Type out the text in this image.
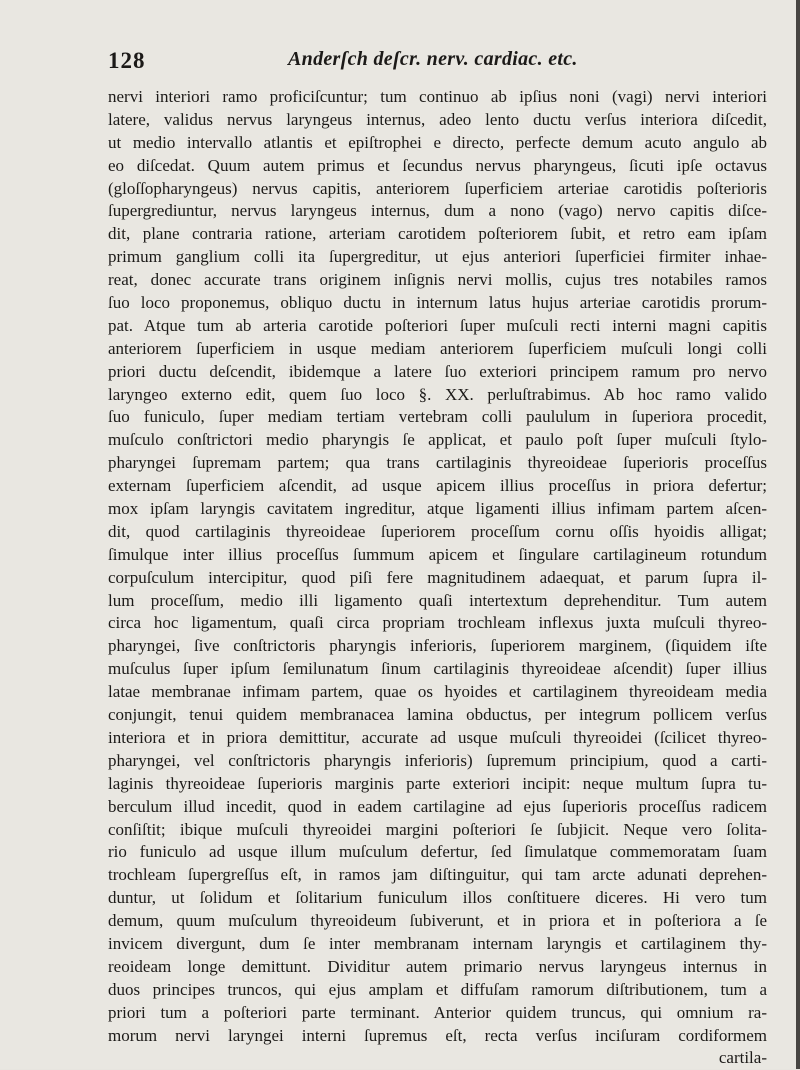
128	Anderſch deſcr. nerv. cardiac. etc.
nervi interiori ramo proficiſcuntur; tum continuo ab ipſius noni (vagi) nervi interiori
latere, validus nervus laryngeus internus, adeo lento ductu verſus interiora diſcedit,
ut medio intervallo atlantis et epiſtrophei e directo, perfecte demum acuto angulo ab
eo diſcedat. Quum autem primus et ſecundus nervus pharyngeus, ſicuti ipſe octavus
(gloſſopharyngeus) nervus capitis, anteriorem ſuperficiem arteriae carotidis poſterioris
ſupergrediuntur, nervus laryngeus internus, dum a nono (vago) nervo capitis diſce-
dit, plane contraria ratione, arteriam carotidem poſteriorem ſubit, et retro eam ipſam
primum ganglium colli ita ſupergreditur, ut ejus anteriori ſuperficiei firmiter inhae-
reat, donec accurate trans originem inſignis nervi mollis, cujus tres notabiles ramos
ſuo loco proponemus, obliquo ductu in internum latus hujus arteriae carotidis prorum-
pat. Atque tum ab arteria carotide poſteriori ſuper muſculi recti interni magni capitis
anteriorem ſuperficiem in usque mediam anteriorem ſuperficiem muſculi longi colli
priori ductu deſcendit, ibidemque a latere ſuo exteriori principem ramum pro nervo
laryngeo externo edit, quem ſuo loco §. XX. perluſtrabimus. Ab hoc ramo valido
ſuo funiculo, ſuper mediam tertiam vertebram colli paululum in ſuperiora procedit,
muſculo conſtrictori medio pharyngis ſe applicat, et paulo poſt ſuper muſculi ſtylo-
pharyngei ſupremam partem; qua trans cartilaginis thyreoideae ſuperioris proceſſus
externam ſuperficiem aſcendit, ad usque apicem illius proceſſus in priora defertur;
mox ipſam laryngis cavitatem ingreditur, atque ligamenti illius infimam partem aſcen-
dit, quod cartilaginis thyreoideae ſuperiorem proceſſum cornu oſſis hyoidis alligat;
ſimulque inter illius proceſſus ſummum apicem et ſingulare cartilagineum rotundum
corpuſculum intercipitur, quod piſi fere magnitudinem adaequat, et parum ſupra il-
lum proceſſum, medio illi ligamento quaſi intertextum deprehenditur. Tum autem
circa hoc ligamentum, quaſi circa propriam trochleam inflexus juxta muſculi thyreo-
pharyngei, ſive conſtrictoris pharyngis inferioris, ſuperiorem marginem, (ſiquidem iſte
muſculus ſuper ipſum ſemilunatum ſinum cartilaginis thyreoideae aſcendit) ſuper illius
latae membranae infimam partem, quae os hyoides et cartilaginem thyreoideam media
conjungit, tenui quidem membranacea lamina obductus, per integrum pollicem verſus
interiora et in priora demittitur, accurate ad usque muſculi thyreoidei (ſcilicet thyreo-
pharyngei, vel conſtrictoris pharyngis inferioris) ſupremum principium, quod a carti-
laginis thyreoideae ſuperioris marginis parte exteriori incipit: neque multum ſupra tu-
berculum illud incedit, quod in eadem cartilagine ad ejus ſuperioris proceſſus radicem
conſiſtit; ibique muſculi thyreoidei margini poſteriori ſe ſubjicit. Neque vero ſolita-
rio funiculo ad usque illum muſculum defertur, ſed ſimulatque commemoratam ſuam
trochleam ſupergreſſus eſt, in ramos jam diſtinguitur, qui tam arcte adunati deprehen-
duntur, ut ſolidum et ſolitarium funiculum illos conſtituere diceres. Hi vero tum
demum, quum muſculum thyreoideum ſubiverunt, et in priora et in poſteriora a ſe
invicem divergunt, dum ſe inter membranam internam laryngis et cartilaginem thy-
reoideam longe demittunt. Dividitur autem primario nervus laryngeus internus in
duos principes truncos, qui ejus amplam et diffuſam ramorum diſtributionem, tum a
priori tum a poſteriori parte terminant. Anterior quidem truncus, qui omnium ra-
morum nervi laryngei interni ſupremus eſt, recta verſus inciſuram cordiformem
cartila-
